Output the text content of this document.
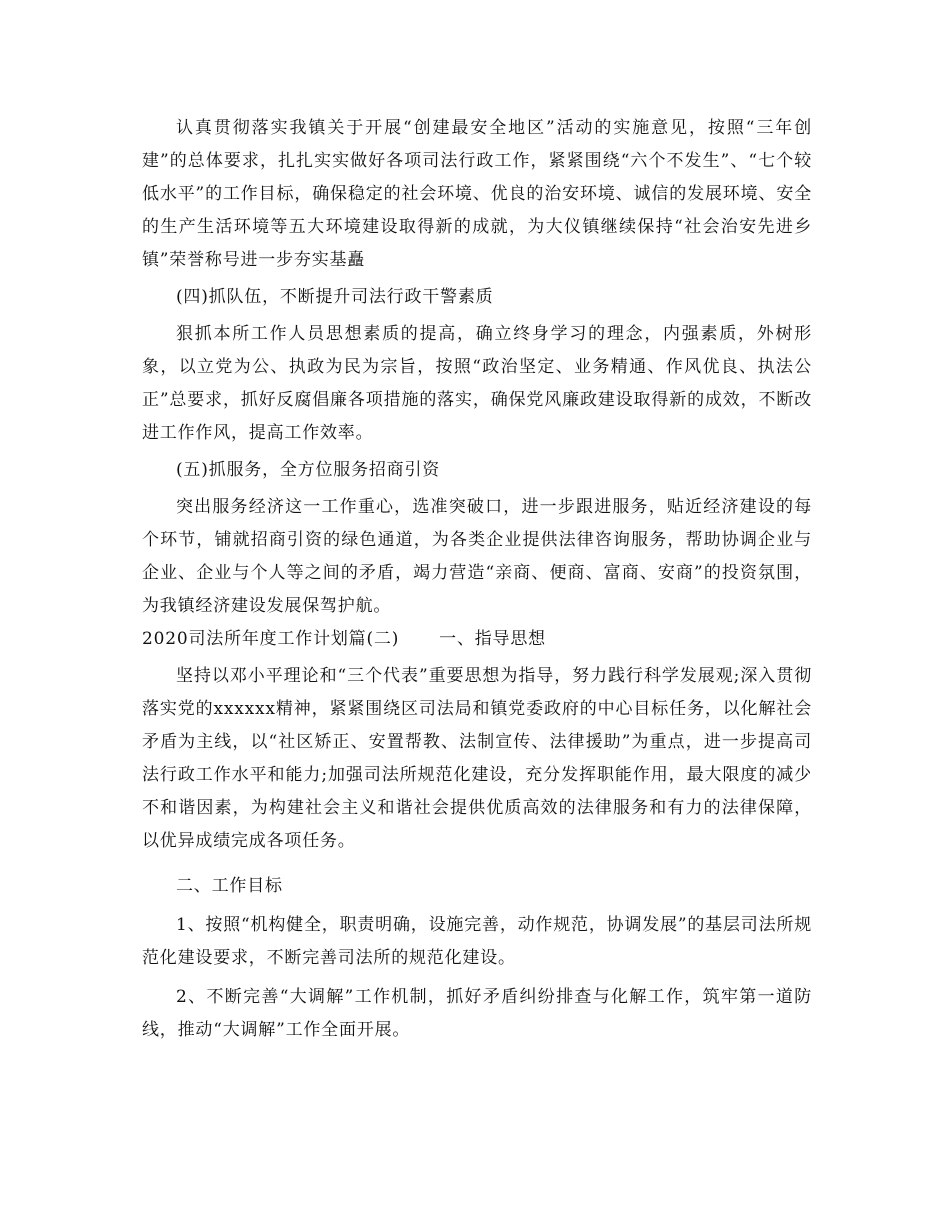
认真贯彻落实我镇关于开展“创建最安全地区”活动的实施意见，按照“三年创建”的总体要求，扎扎实实做好各项司法行政工作，紧紧围绕“六个不发生”、“七个较低水平”的工作目标，确保稳定的社会环境、优良的治安环境、诚信的发展环境、安全的生产生活环境等五大环境建设取得新的成就，为大仪镇继续保持“社会治安先进乡镇”荣誉称号进一步夯实基矗

(四)抓队伍，不断提升司法行政干警素质

狠抓本所工作人员思想素质的提高，确立终身学习的理念，内强素质，外树形象，以立党为公、执政为民为宗旨，按照“政治坚定、业务精通、作风优良、执法公正”总要求，抓好反腐倡廉各项措施的落实，确保党风廉政建设取得新的成效，不断改进工作作风，提高工作效率。

(五)抓服务，全方位服务招商引资

突出服务经济这一工作重心，选准突破口，进一步跟进服务，贴近经济建设的每个环节，铺就招商引资的绿色通道，为各类企业提供法律咨询服务，帮助协调企业与企业、企业与个人等之间的矛盾，竭力营造“亲商、便商、富商、安商”的投资氛围，为我镇经济建设发展保驾护航。

2020司法所年度工作计划篇(二) 一、指导思想

坚持以邓小平理论和“三个代表”重要思想为指导，努力践行科学发展观;深入贯彻落实党的xxxxxx精神，紧紧围绕区司法局和镇党委政府的中心目标任务，以化解社会矛盾为主线，以“社区矫正、安置帮教、法制宣传、法律援助”为重点，进一步提高司法行政工作水平和能力;加强司法所规范化建设，充分发挥职能作用，最大限度的减少不和谐因素，为构建社会主义和谐社会提供优质高效的法律服务和有力的法律保障，以优异成绩完成各项任务。

二、工作目标

1、按照“机构健全，职责明确，设施完善，动作规范，协调发展”的基层司法所规范化建设要求，不断完善司法所的规范化建设。

2、不断完善“大调解”工作机制，抓好矛盾纠纷排查与化解工作，筑牢第一道防线，推动“大调解”工作全面开展。
